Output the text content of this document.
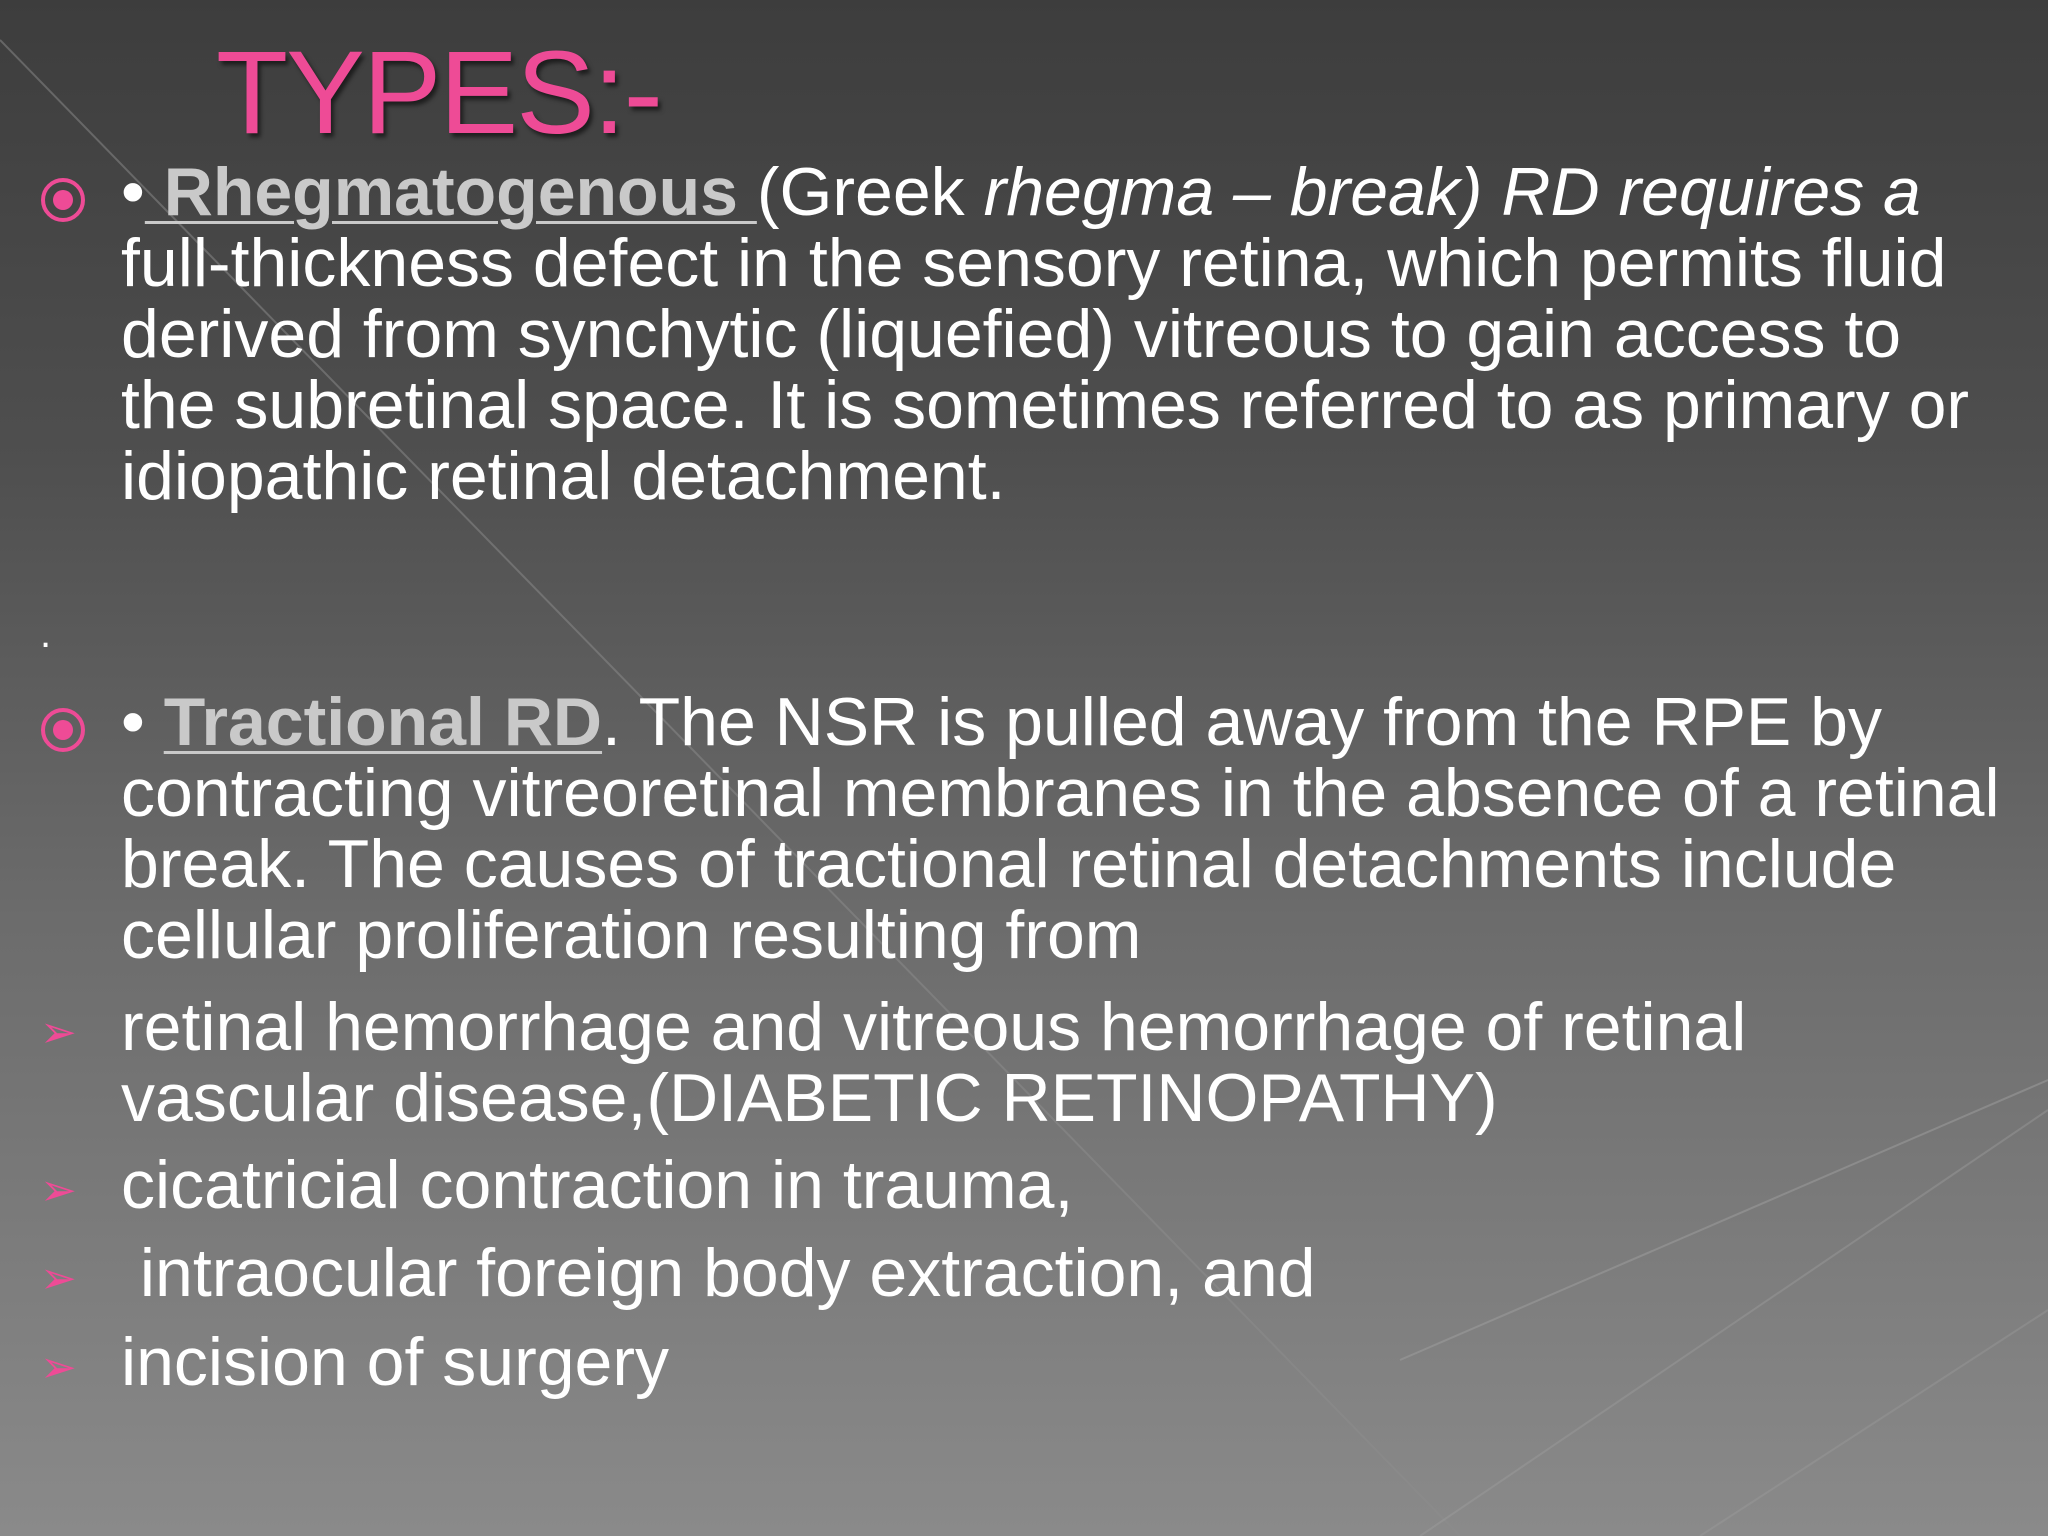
TYPES:-
• Rhegmatogenous (Greek rhegma – break) RD requires a full-thickness defect in the sensory retina, which permits fluid derived from synchytic (liquefied) vitreous to gain access to the subretinal space. It is sometimes referred to as primary or idiopathic retinal detachment.
.
• Tractional RD. The NSR is pulled away from the RPE by contracting vitreoretinal membranes in the absence of a retinal break. The causes of tractional retinal detachments include cellular proliferation resulting from
➢ retinal hemorrhage and vitreous hemorrhage of retinal vascular disease,(DIABETIC RETINOPATHY)
➢ cicatricial contraction in trauma,
➢ intraocular foreign body extraction, and
➢ incision of surgery
